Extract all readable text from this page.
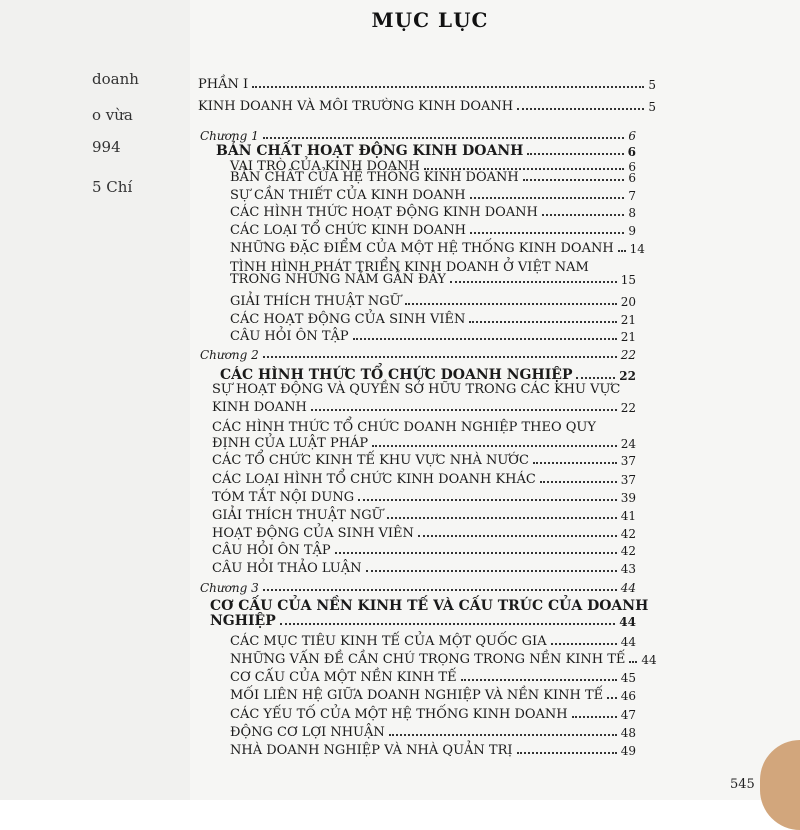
doanh
o vừa
994
5 Chí
MỤC LỤC
PHẦN I	5
KINH DOANH VÀ MÔI TRƯỜNG KINH DOANH	5
Chương 1	6
BẢN CHẤT HOẠT ĐỘNG KINH DOANH	6
VAI TRÒ CỦA KINH DOANH	6
BẢN CHẤT CỦA HỆ THỐNG KINH DOANH	6
SỰ CẦN THIẾT CỦA KINH DOANH	7
CÁC HÌNH THỨC HOẠT ĐỘNG KINH DOANH	8
CÁC LOẠI TỔ CHỨC KINH DOANH	9
NHỮNG ĐẶC ĐIỂM CỦA MỘT HỆ THỐNG KINH DOANH 14
TÌNH HÌNH PHÁT TRIỂN KINH DOANH Ở VIỆT NAM
TRONG NHỮNG NĂM GẦN ĐÂY	15
GIẢI THÍCH THUẬT NGỮ	20
CÁC HOẠT ĐỘNG CỦA SINH VIÊN	21
CÂU HỎI ÔN TẬP	21
Chương 2	22
CÁC HÌNH THỨC TỔ CHỨC DOANH NGHIỆP	22
SỰ HOẠT ĐỘNG VÀ QUYỀN SỞ HỮU TRONG CÁC KHU VỰC
KINH DOANH	22
CÁC HÌNH THỨC TỔ CHỨC DOANH NGHIỆP THEO QUY
ĐỊNH CỦA LUẬT PHÁP	24
CÁC TỔ CHỨC KINH TẾ KHU VỰC NHÀ NƯỚC	37
CÁC LOẠI HÌNH TỔ CHỨC KINH DOANH KHÁC	37
TÓM TẮT NỘI DUNG	39
GIẢI THÍCH THUẬT NGỮ	41
HOẠT ĐỘNG CỦA SINH VIÊN	42
CÂU HỎI ÔN TẬP	42
CÂU HỎI THẢO LUẬN	43
Chương 3	44
CƠ CẤU CỦA NỀN KINH TẾ VÀ CẤU TRÚC CỦA DOANH
NGHIỆP	44
CÁC MỤC TIÊU KINH TẾ CỦA MỘT QUỐC GIA	44
NHỮNG VẤN ĐỀ CẦN CHÚ TRỌNG TRONG NỀN KINH TẾ 44
CƠ CẤU CỦA MỘT NỀN KINH TẾ	45
MỐI LIÊN HỆ GIỮA DOANH NGHIỆP VÀ NỀN KINH TẾ 46
CÁC YẾU TỐ CỦA MỘT HỆ THỐNG KINH DOANH	47
ĐỘNG CƠ LỢI NHUẬN	48
NHÀ DOANH NGHIỆP VÀ NHÀ QUẢN TRỊ	49
545
